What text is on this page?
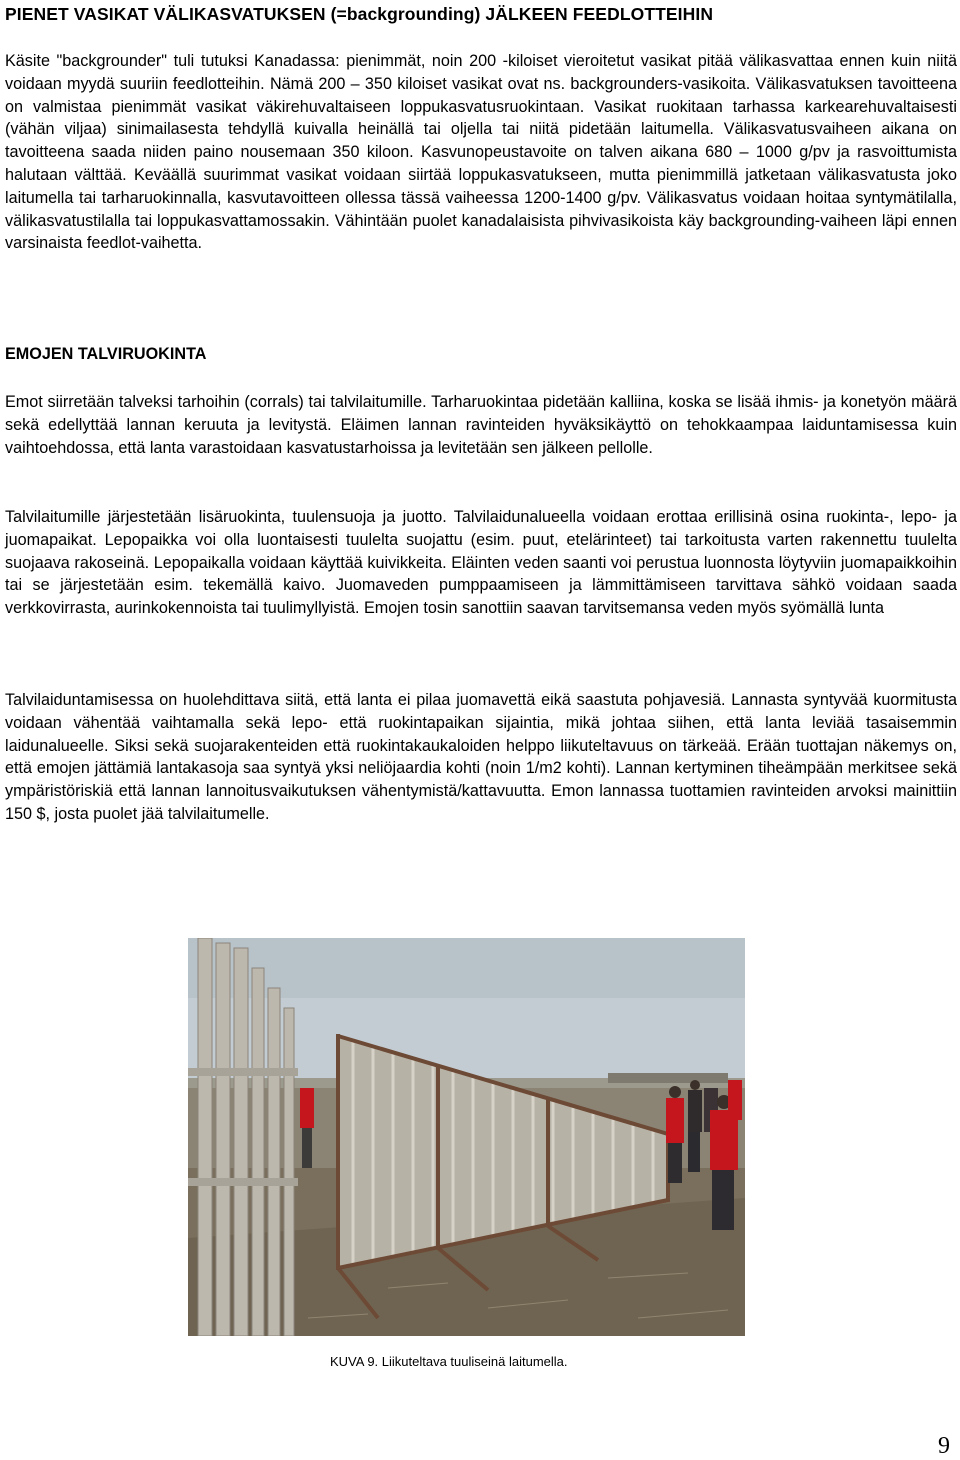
PIENET VASIKAT VÄLIKASVATUKSEN (=backgrounding) JÄLKEEN FEEDLOTTEIHIN

Käsite "backgrounder" tuli tutuksi Kanadassa: pienimmät, noin 200 -kiloiset vieroitetut vasikat pitää välikasvattaa ennen kuin niitä voidaan myydä suuriin feedlotteihin. Nämä 200 – 350 kiloiset vasikat ovat ns. backgrounders-vasikoita. Välikasvatuksen tavoitteena on valmistaa pienimmät vasikat väkirehuvaltaiseen loppukasvatusruokintaan. Vasikat ruokitaan tarhassa karkearehuvaltaisesti (vähän viljaa) sinimailasesta tehdyllä kuivalla heinällä tai oljella tai niitä pidetään laitumella. Välikasvatusvaiheen aikana on tavoitteena saada niiden paino nousemaan 350 kiloon. Kasvunopeustavoite on talven aikana 680 – 1000 g/pv ja rasvoittumista halutaan välttää. Keväällä suurimmat vasikat voidaan siirtää loppukasvatukseen, mutta pienimmillä jatketaan välikasvatusta joko laitumella tai tarharuokinnalla, kasvutavoitteen ollessa tässä vaiheessa 1200-1400 g/pv. Välikasvatus voidaan hoitaa syntymätilalla, välikasvatustilalla tai loppukasvattamossakin. Vähintään puolet kanadalaisista pihvivasikoista käy backgrounding-vaiheen läpi ennen varsinaista feedlot-vaihetta.

EMOJEN TALVIRUOKINTA

Emot siirretään talveksi tarhoihin (corrals) tai talvilaitumille. Tarharuokintaa pidetään kalliina, koska se lisää ihmis- ja konetyön määrä sekä edellyttää lannan keruuta ja levitystä. Eläimen lannan ravinteiden hyväksikäyttö on tehokkaampaa laiduntamisessa kuin vaihtoehdossa, että lanta varastoidaan kasvatustarhoissa ja levitetään sen jälkeen pellolle.

Talvilaitumille järjestetään lisäruokinta, tuulensuoja ja juotto. Talvilaidunalueella voidaan erottaa erillisinä osina ruokinta-, lepo- ja juomapaikat. Lepopaikka voi olla luontaisesti tuulelta suojattu (esim. puut, etelärinteet) tai tarkoitusta varten rakennettu tuulelta suojaava rakoseinä. Lepopaikalla voidaan käyttää kuivikkeita. Eläinten veden saanti voi perustua luonnosta löytyviin juomapaikkoihin tai se järjestetään esim. tekemällä kaivo. Juomaveden pumppaamiseen ja lämmittämiseen tarvittava sähkö voidaan saada verkkovirrasta, aurinkokennoista tai tuulimyllyistä. Emojen tosin sanottiin saavan tarvitsemansa veden myös syömällä lunta

Talvilaiduntamisessa on huolehdittava siitä, että lanta ei pilaa juomavettä eikä saastuta pohjavesiä. Lannasta syntyvää kuormitusta voidaan vähentää vaihtamalla sekä lepo- että ruokintapaikan sijaintia, mikä johtaa siihen, että lanta leviää tasaisemmin laidunalueelle. Siksi sekä suojarakenteiden että ruokintakaukaloiden helppo liikuteltavuus on tärkeää. Erään tuottajan näkemys on, että emojen jättämiä lantakasoja saa syntyä yksi neliöjaardia kohti (noin 1/m2 kohti). Lannan kertyminen tiheämpään merkitsee sekä ympäristöriskiä että lannan lannoitusvaikutuksen vähentymistä/kattavuutta. Emon lannassa tuottamien ravinteiden arvoksi mainittiin 150 $, josta puolet jää talvilaitumelle.

KUVA 9. Liikuteltava tuuliseinä laitumella.
9
